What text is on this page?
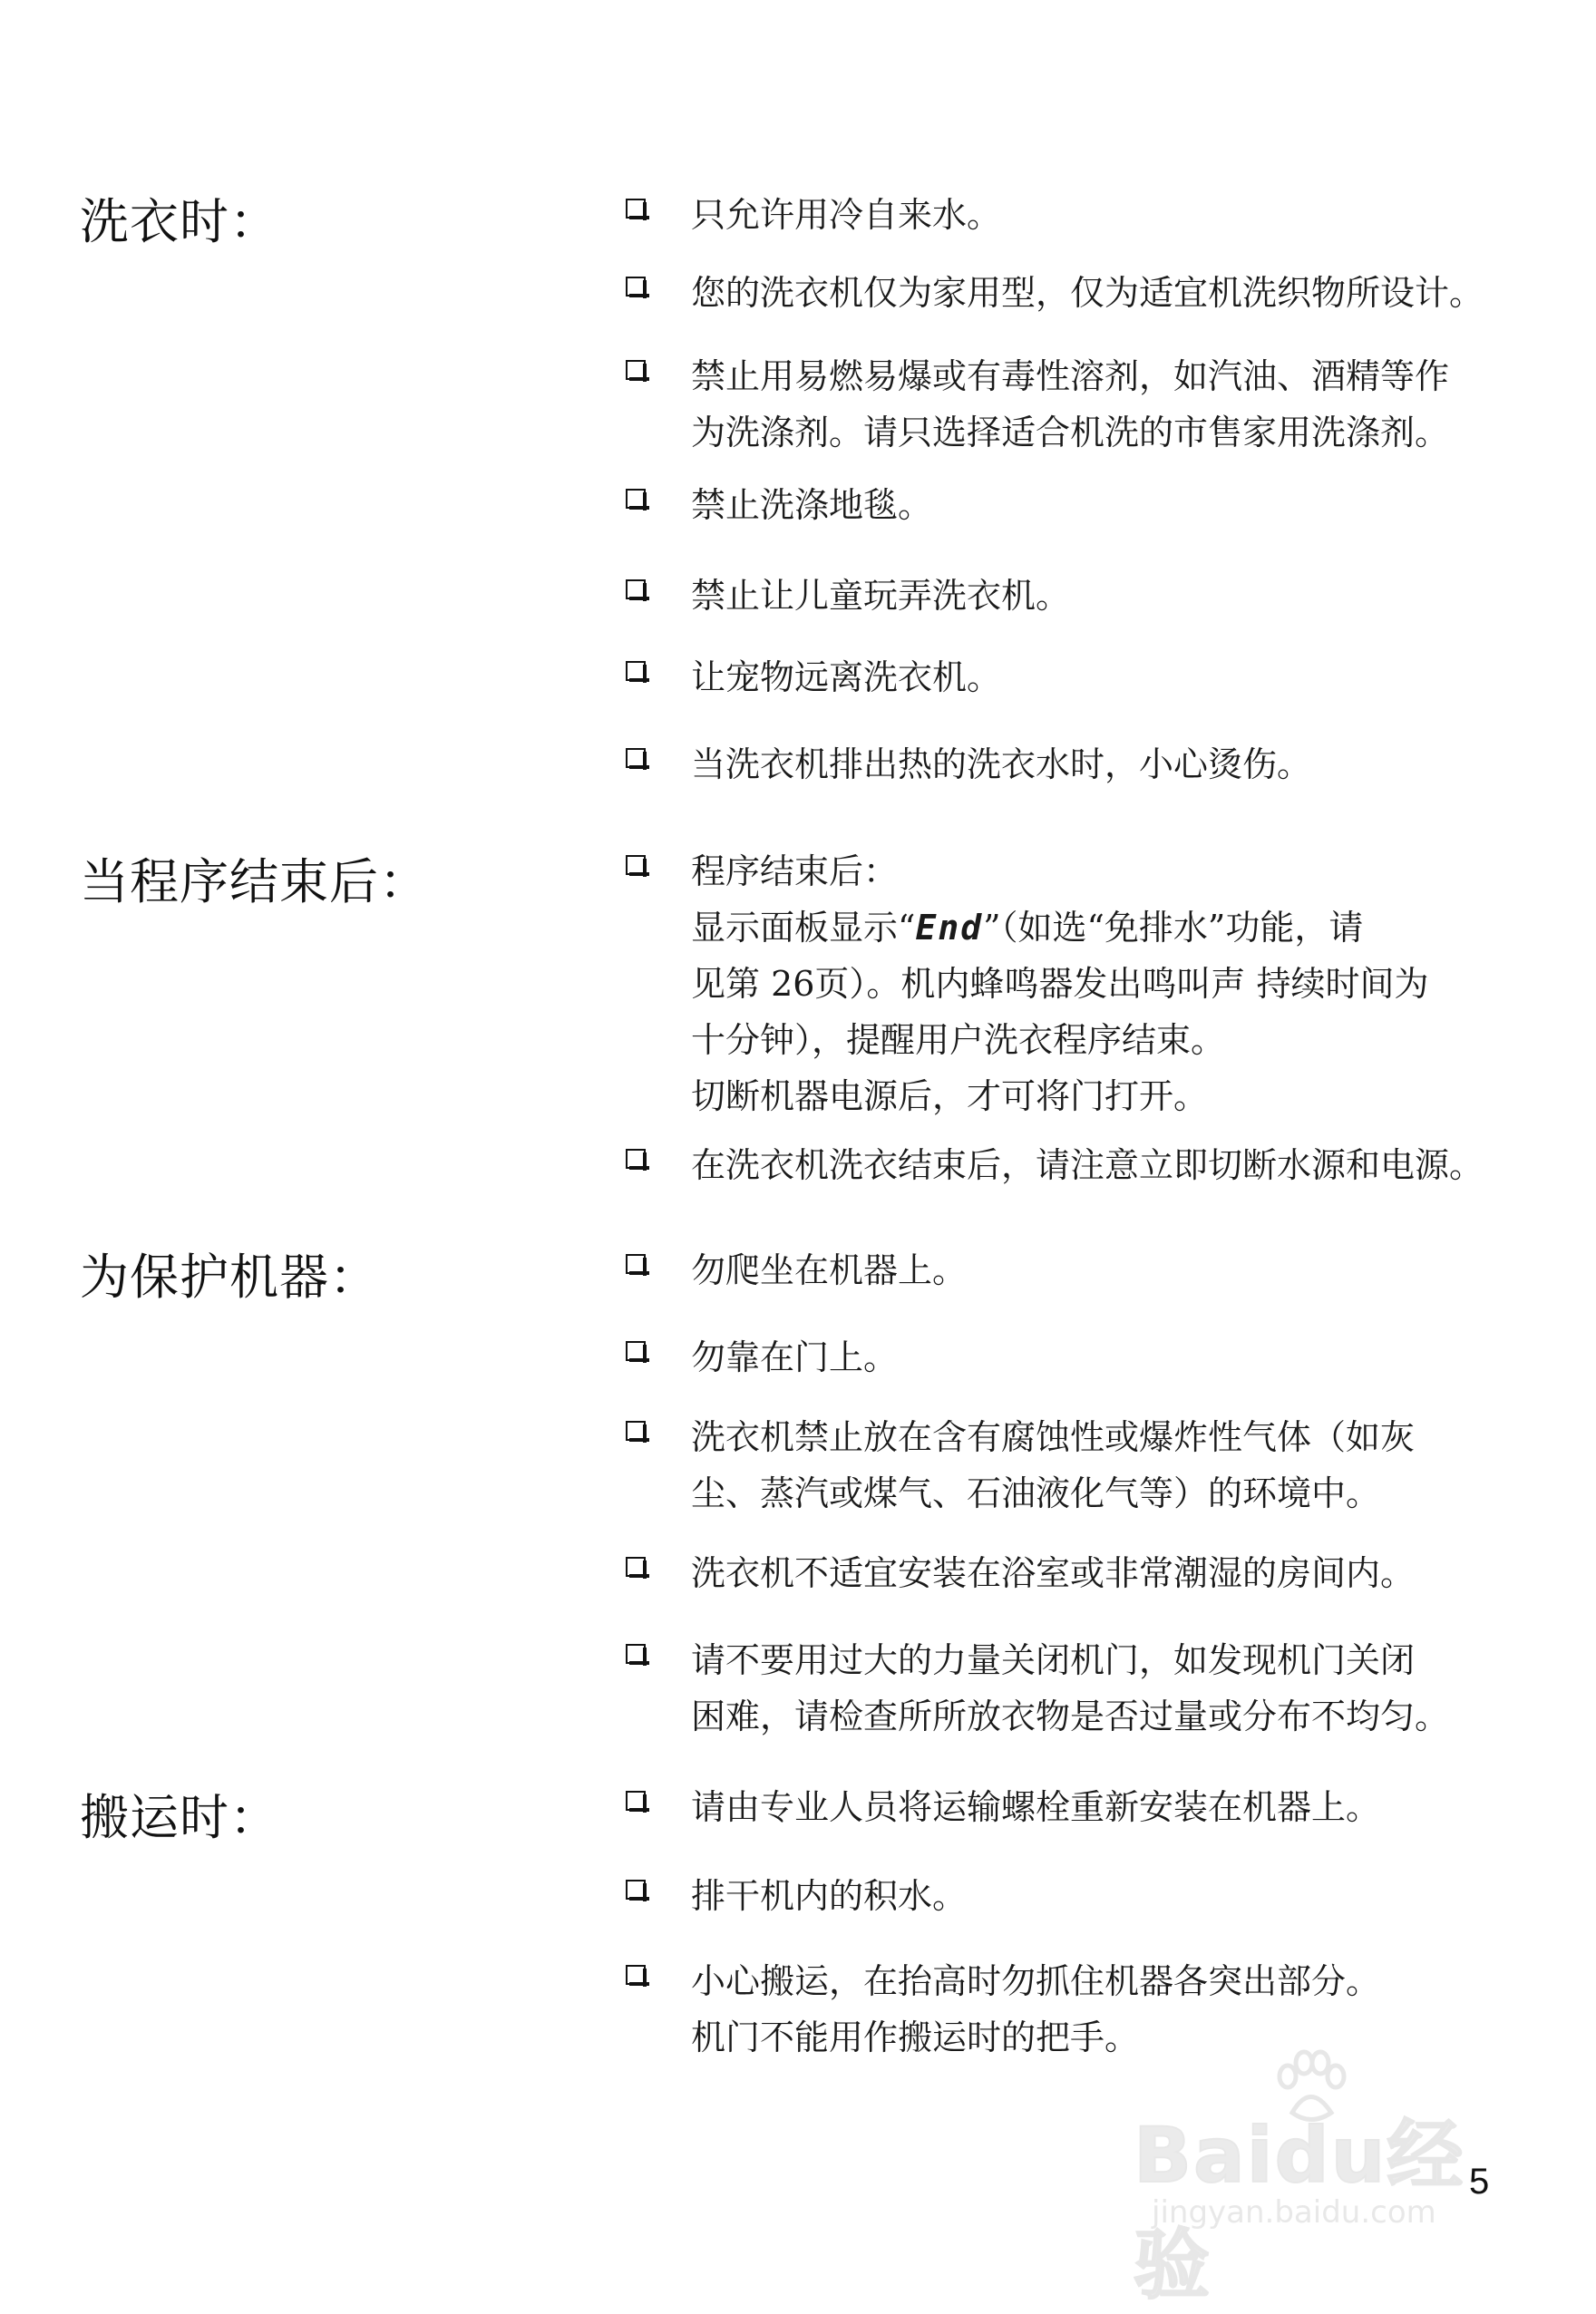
洗衣时：
当程序结束后：
为保护机器：
搬运时：
只允许用冷自来水。
您的洗衣机仅为家用型，仅为适宜机洗织物所设计。
禁止用易燃易爆或有毒性溶剂，如汽油、酒精等作
为洗涤剂。请只选择适合机洗的市售家用洗涤剂。
禁止洗涤地毯。
禁止让儿童玩弄洗衣机。
让宠物远离洗衣机。
当洗衣机排出热的洗衣水时，小心烫伤。
程序结束后：
显示面板显示“End”（如选“免排水”功能，请
见第 26页）。机内蜂鸣器发出鸣叫声 持续时间为
十分钟），提醒用户洗衣程序结束。
切断机器电源后，才可将门打开。
在洗衣机洗衣结束后，请注意立即切断水源和电源。
勿爬坐在机器上。
勿靠在门上。
洗衣机禁止放在含有腐蚀性或爆炸性气体（如灰
尘、蒸汽或煤气、石油液化气等）的环境中。
洗衣机不适宜安装在浴室或非常潮湿的房间内。
请不要用过大的力量关闭机门，如发现机门关闭
困难，请检查所所放衣物是否过量或分布不均匀。
请由专业人员将运输螺栓重新安装在机器上。
排干机内的积水。
小心搬运，在抬高时勿抓住机器各突出部分。
机门不能用作搬运时的把手。
Baidu经验
jingyan.baidu.com
5
